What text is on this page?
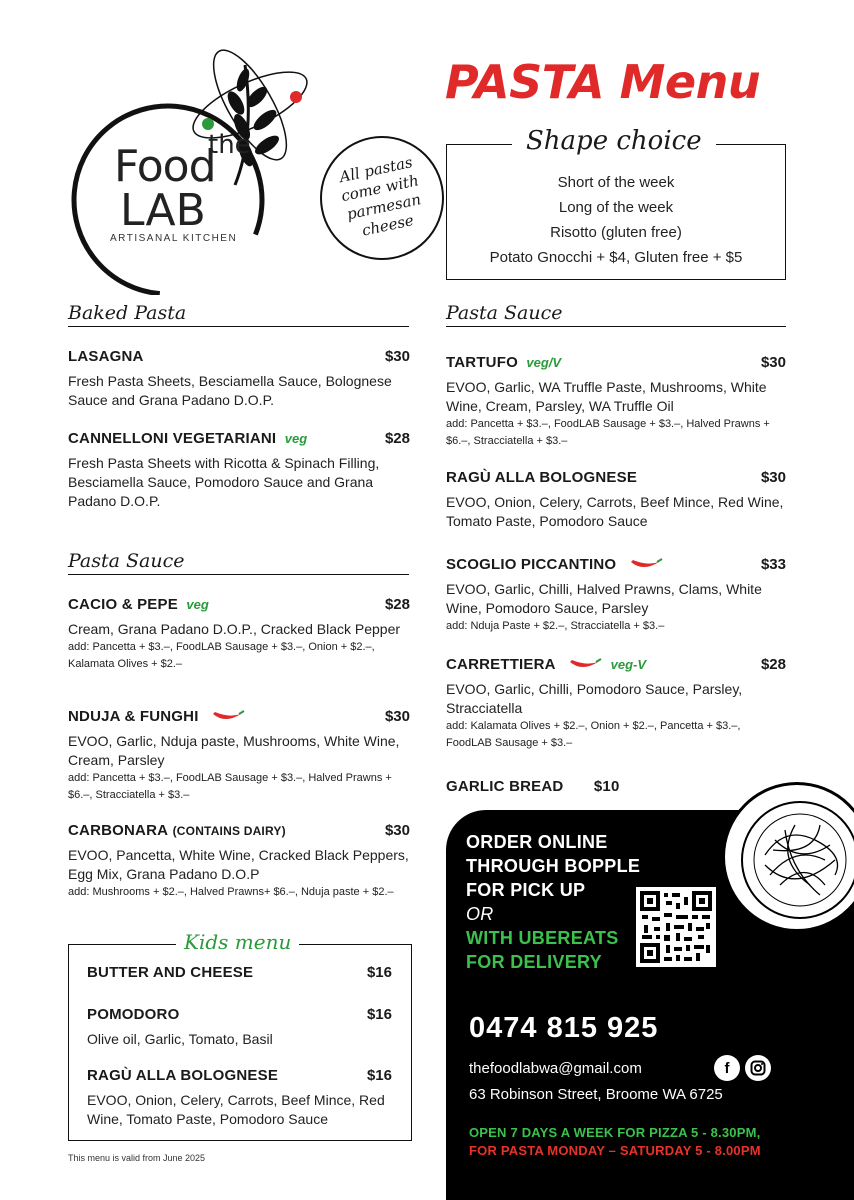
the
Food
LAB
ARTISANAL KITCHEN
PASTA Menu
All pastas come with parmesan cheese
Shape choice
Short of the week
Long of the week
Risotto (gluten free)
Potato Gnocchi + $4, Gluten free + $5
Baked Pasta
LASAGNA	$30
Fresh Pasta Sheets, Besciamella Sauce, Bolognese Sauce and Grana Padano D.O.P.
CANNELLONI VEGETARIANI veg	$28
Fresh Pasta Sheets with Ricotta & Spinach Filling, Besciamella Sauce, Pomodoro Sauce and Grana Padano D.O.P.
Pasta Sauce
CACIO & PEPE veg	$28
Cream, Grana Padano D.O.P., Cracked Black Pepper
add: Pancetta + $3.–, FoodLAB Sausage + $3.–, Onion + $2.–, Kalamata Olives + $2.–
NDUJA & FUNGHI	$30
EVOO, Garlic, Nduja paste, Mushrooms, White Wine, Cream, Parsley
add: Pancetta + $3.–, FoodLAB Sausage + $3.–, Halved Prawns + $6.–, Stracciatella + $3.–
CARBONARA (CONTAINS DAIRY)	$30
EVOO, Pancetta, White Wine, Cracked Black Peppers, Egg Mix, Grana Padano D.O.P
add: Mushrooms + $2.–, Halved Prawns+ $6.–, Nduja paste + $2.–
Kids menu
BUTTER AND CHEESE	$16
POMODORO	$16
Olive oil, Garlic, Tomato, Basil
RAGÙ ALLA BOLOGNESE	$16
EVOO, Onion, Celery, Carrots, Beef Mince, Red Wine, Tomato Paste, Pomodoro Sauce
This menu is valid from June 2025
Pasta Sauce
TARTUFO veg/V	$30
EVOO, Garlic, WA Truffle Paste, Mushrooms, White Wine, Cream, Parsley, WA Truffle Oil
add: Pancetta + $3.–, FoodLAB Sausage + $3.–, Halved Prawns + $6.–, Stracciatella + $3.–
RAGÙ ALLA BOLOGNESE	$30
EVOO, Onion, Celery, Carrots, Beef Mince, Red Wine, Tomato Paste, Pomodoro Sauce
SCOGLIO PICCANTINO	$33
EVOO, Garlic, Chilli, Halved Prawns, Clams, White Wine, Pomodoro Sauce, Parsley
add: Nduja Paste + $2.–, Stracciatella + $3.–
CARRETTIERA	veg-V	$28
EVOO, Garlic, Chilli, Pomodoro Sauce, Parsley, Stracciatella
add: Kalamata Olives + $2.–, Onion + $2.–, Pancetta + $3.–, FoodLAB Sausage + $3.–
GARLIC BREAD $10
ORDER ONLINE
THROUGH BOPPLE
FOR PICK UP
OR
WITH UBEREATS
FOR DELIVERY
0474 815 925
thefoodlabwa@gmail.com	f
63 Robinson Street, Broome WA 6725
OPEN 7 DAYS A WEEK FOR PIZZA 5 - 8.30PM,
FOR PASTA MONDAY – SATURDAY 5 - 8.00PM
